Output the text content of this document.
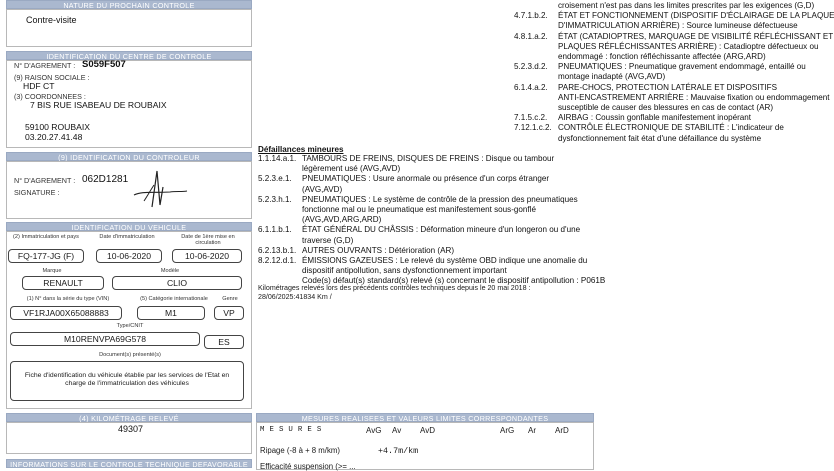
NATURE DU PROCHAIN CONTROLE
Contre-visite
IDENTIFICATION DU CENTRE DE CONTROLE
N° D'AGREMENT : S059F507
(9) RAISON SOCIALE :
HDF CT
(3) COORDONNEES :
7 BIS RUE ISABEAU DE ROUBAIX
59100 ROUBAIX
03.20.27.41.48
(9) IDENTIFICATION DU CONTROLEUR
N° D'AGREMENT : 062D1281
SIGNATURE :
IDENTIFICATION DU VEHICULE
(2) Immatriculation et pays	Date d'immatriculation	Date de 1ère mise en circulation
FQ-177-JG (F)	10-06-2020	10-06-2020
Marque	Modèle
RENAULT	CLIO
(1) N° dans la série du type (VIN)	(5) Catégorie internationale	Genre
VF1RJA00X65088883	M1	VP
Type/CNIT
M10RENVPA69G578	ES
Document(s) présenté(s)
Fiche d'identification du véhicule établie par les services de l'Etat en charge de l'immatriculation des véhicules
(4) KILOMÉTRAGE RELEVÉ
49307
INFORMATIONS SUR LE CONTROLE TECHNIQUE DEFAVORABLE
croisement n'est pas dans les limites prescrites par les exigences (G,D)
4.7.1.b.2. ÉTAT ET FONCTIONNEMENT (DISPOSITIF D'ÉCLAIRAGE DE LA PLAQUE
D'IMMATRICULATION ARRIÈRE) : Source lumineuse défectueuse
4.8.1.a.2. ÉTAT (CATADIOPTRES, MARQUAGE DE VISIBILITÉ RÉFLÉCHISSANT ET
PLAQUES RÉFLÉCHISSANTES ARRIÈRE) : Catadioptre défectueux ou
endommagé : fonction réfléchissante affectée (ARG,ARD)
5.2.3.d.2. PNEUMATIQUES : Pneumatique gravement endommagé, entaillé ou
montage inadapté (AVG,AVD)
6.1.4.a.2. PARE-CHOCS, PROTECTION LATÉRALE ET DISPOSITIFS
ANTI-ENCASTREMENT ARRIÈRE : Mauvaise fixation ou endommagement
susceptible de causer des blessures en cas de contact (AR)
7.1.5.c.2. AIRBAG : Coussin gonflable manifestement inopérant
7.12.1.c.2. CONTRÔLE ÉLECTRONIQUE DE STABILITÉ : L'indicateur de
dysfonctionnement fait état d'une défaillance du système
Défaillances mineures
1.1.14.a.1. TAMBOURS DE FREINS, DISQUES DE FREINS : Disque ou tambour
légèrement usé (AVG,AVD)
5.2.3.e.1. PNEUMATIQUES : Usure anormale ou présence d'un corps étranger
(AVG,AVD)
5.2.3.h.1. PNEUMATIQUES : Le système de contrôle de la pression des pneumatiques
fonctionne mal ou le pneumatique est manifestement sous-gonflé
(AVG,AVD,ARG,ARD)
6.1.1.b.1. ÉTAT GÉNÉRAL DU CHÂSSIS : Déformation mineure d'un longeron ou d'une
traverse (G,D)
6.2.13.b.1. AUTRES OUVRANTS : Détérioration (AR)
8.2.12.d.1. ÉMISSIONS GAZEUSES : Le relevé du système OBD indique une anomalie du
dispositif antipollution, sans dysfonctionnement important
Code(s) défaut(s) standard(s) relevé (s) concernant le dispositif antipollution : P061B
Kilométrages relevés lors des précédents contrôles techniques depuis le 20 mai 2018 :
28/06/2025:41834 Km /
MESURES REALISEES ET VALEURS LIMITES CORRESPONDANTES
M E S U R E S	AvG Av AvD	ArG Ar ArD
Ripage (-8 à + 8 m/km)	+4.7m/km
Efficacité suspension (>= ...
